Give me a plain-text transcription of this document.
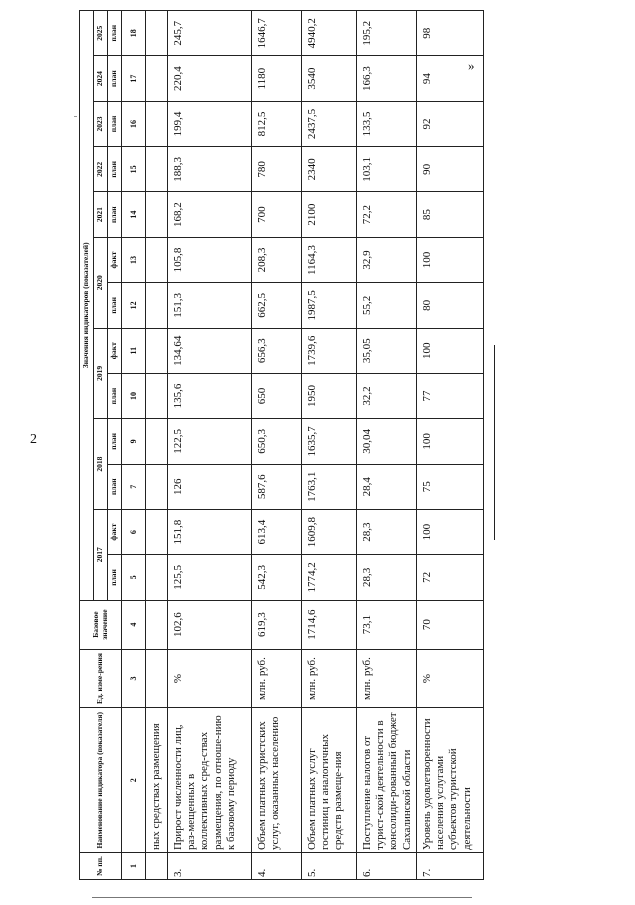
2
»
№ пп.	Наименование индикатора (показателя)	Ед. изме-рения	Базовое значение	Значения индикаторов (показателей)												
				2017		2018		2019		2020		2021	2022	2023	2024	2025
				план	факт	план	план	план	факт	план	факт	план	план	план	план	план
1	2	3	4	5	6	7	9	10	11	12	13	14	15	16	17	18
	ных средствах размещения															
3.	Прирост численности лиц, раз-мещенных в коллективных сред-ствах размещения, по отноше-нию к базовому периоду	%	102,6	125,5	151,8	126	122,5	135,6	134,64	151,3	105,8	168,2	188,3	199,4	220,4	245,7
4.	Объем платных туристских услуг, оказанных населению	млн. руб.	619,3	542,3	613,4	587,6	650,3	650	656,3	662,5	208,3	700	780	812,5	1180	1646,7
5.	Объем платных услуг гостиниц и аналогичных средств размеще-ния	млн. руб.	1714,6	1774,2	1609,8	1763,1	1635,7	1950	1739,6	1987,5	1164,3	2100	2340	2437,5	3540	4940,2
6.	Поступление налогов от турист-ской деятельности в консолиди-рованный бюджет Сахалинской области	млн. руб.	73,1	28,3	28,3	28,4	30,04	32,2	35,05	55,2	32,9	72,2	103,1	133,5	166,3	195,2
7.	Уровень удовлетворенности населения услугами субъектов туристской деятельности	%	70	72	100	75	100	77	100	80	100	85	90	92	94	98
